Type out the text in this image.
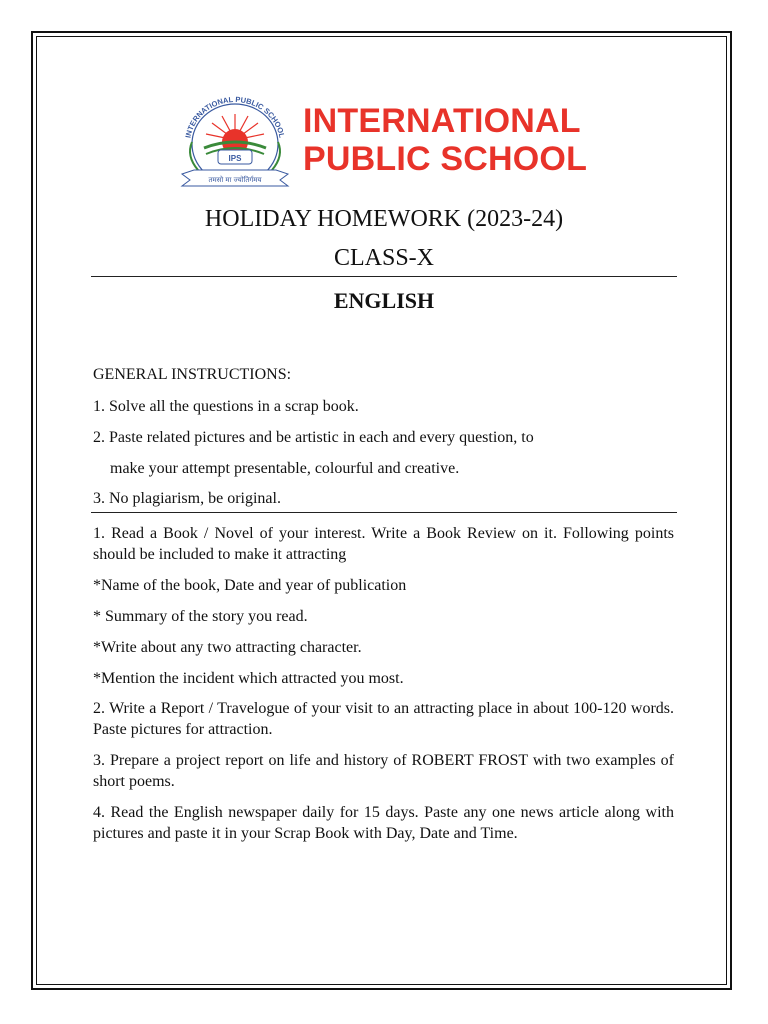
INTERNATIONAL PUBLIC SCHOOL
IPS
तमसो मा ज्योतिर्गमय
INTERNATIONAL
PUBLIC SCHOOL
HOLIDAY HOMEWORK (2023-24)
CLASS-X
ENGLISH
GENERAL INSTRUCTIONS:
1. Solve all the questions in a scrap book.
2. Paste related pictures and be artistic in each and every question, to
make your attempt presentable, colourful and creative.
3. No plagiarism, be original.
1. Read a Book / Novel of your interest. Write a Book Review on it. Following points should be included to make it attracting
*Name of the book, Date and year of publication
* Summary of the story you read.
*Write about any two attracting character.
*Mention the incident which attracted you most.
2. Write a Report / Travelogue of your visit to an attracting place in about 100-120 words. Paste pictures for attraction.
3. Prepare a project report on life and history of ROBERT FROST with two examples of short poems.
4. Read the English newspaper daily for 15 days. Paste any one news article along with pictures and paste it in your Scrap Book with Day, Date and Time.
